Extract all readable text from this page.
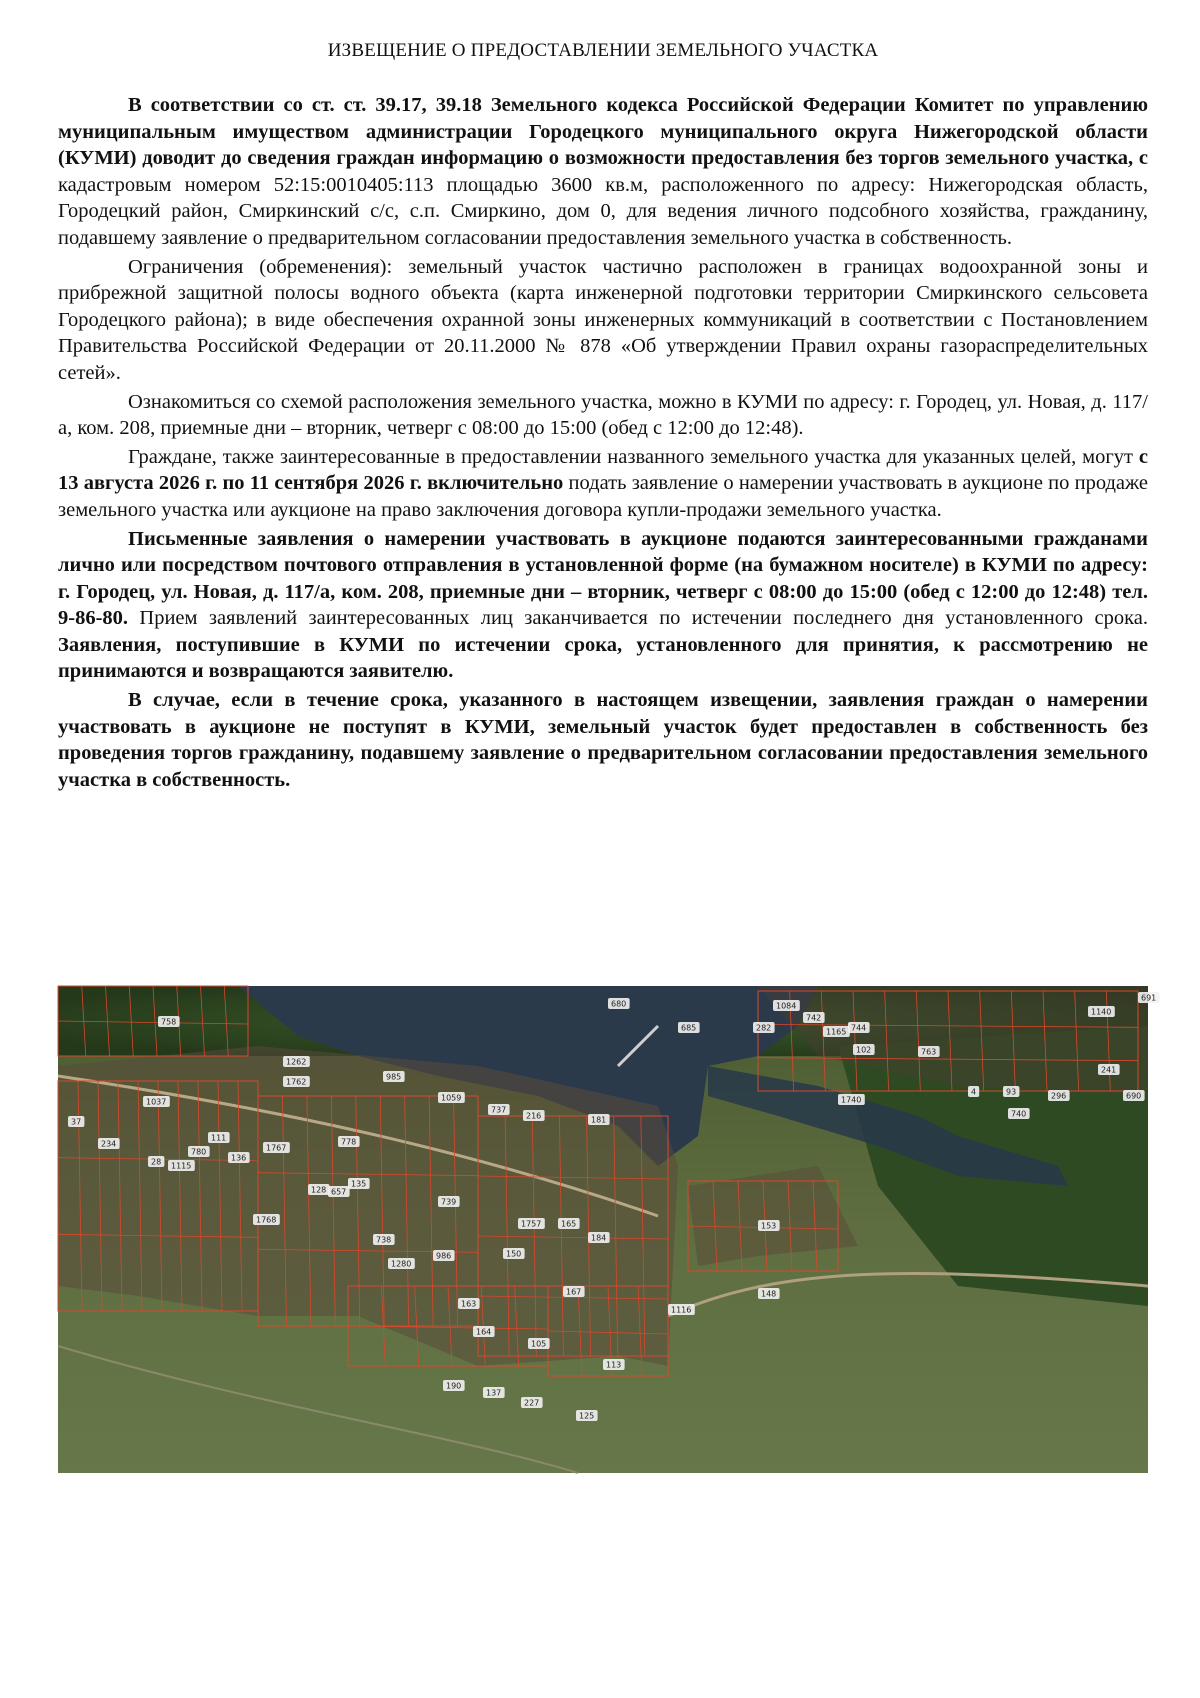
ИЗВЕЩЕНИЕ О ПРЕДОСТАВЛЕНИИ ЗЕМЕЛЬНОГО УЧАСТКА

В соответствии со ст. ст. 39.17, 39.18 Земельного кодекса Российской Федерации Комитет по управлению муниципальным имуществом администрации Городецкого муниципального округа Нижегородской области (КУМИ) доводит до сведения граждан информацию о возможности предоставления без торгов земельного участка, с кадастровым номером 52:15:0010405:113 площадью 3600 кв.м, расположенного по адресу: Нижегородская область, Городецкий район, Смиркинский с/с, с.п. Смиркино, дом 0, для ведения личного подсобного хозяйства, гражданину, подавшему заявление о предварительном согласовании предоставления земельного участка в собственность.

Ограничения (обременения): земельный участок частично расположен в границах водоохранной зоны и прибрежной защитной полосы водного объекта (карта инженерной подготовки территории Смиркинского сельсовета Городецкого района); в виде обеспечения охранной зоны инженерных коммуникаций в соответствии с Постановлением Правительства Российской Федерации от 20.11.2000 № 878 «Об утверждении Правил охраны газораспределительных сетей».

Ознакомиться со схемой расположения земельного участка, можно в КУМИ по адресу: г. Городец, ул. Новая, д. 117/а, ком. 208, приемные дни – вторник, четверг с 08:00 до 15:00 (обед с 12:00 до 12:48).

Граждане, также заинтересованные в предоставлении названного земельного участка для указанных целей, могут с 13 августа 2026 г. по 11 сентября 2026 г. включительно подать заявление о намерении участвовать в аукционе по продаже земельного участка или аукционе на право заключения договора купли-продажи земельного участка.

Письменные заявления о намерении участвовать в аукционе подаются заинтересованными гражданами лично или посредством почтового отправления в установленной форме (на бумажном носителе) в КУМИ по адресу: г. Городец, ул. Новая, д. 117/а, ком. 208, приемные дни – вторник, четверг с 08:00 до 15:00 (обед с 12:00 до 12:48) тел. 9-86-80. Прием заявлений заинтересованных лиц заканчивается по истечении последнего дня установленного срока. Заявления, поступившие в КУМИ по истечении срока, установленного для принятия, к рассмотрению не принимаются и возвращаются заявителю.

В случае, если в течение срока, указанного в настоящем извещении, заявления граждан о намерении участвовать в аукционе не поступят в КУМИ, земельный участок будет предоставлен в собственность без проведения торгов гражданину, подавшему заявление о предварительном согласовании предоставления земельного участка в собственность.

758
680
685
1084
742
1165
282	744
102	763
1140
691
1262
1762
985
1059
737
216	181
241
690
296
1740
4	93
740
37
234
1037
28
780
111
1115
136
1767
778
128 657
135
739
1757 165
184
153
1768
738
1280
986	150
167
163
164
105
148
1116
113
190
137
227
125
